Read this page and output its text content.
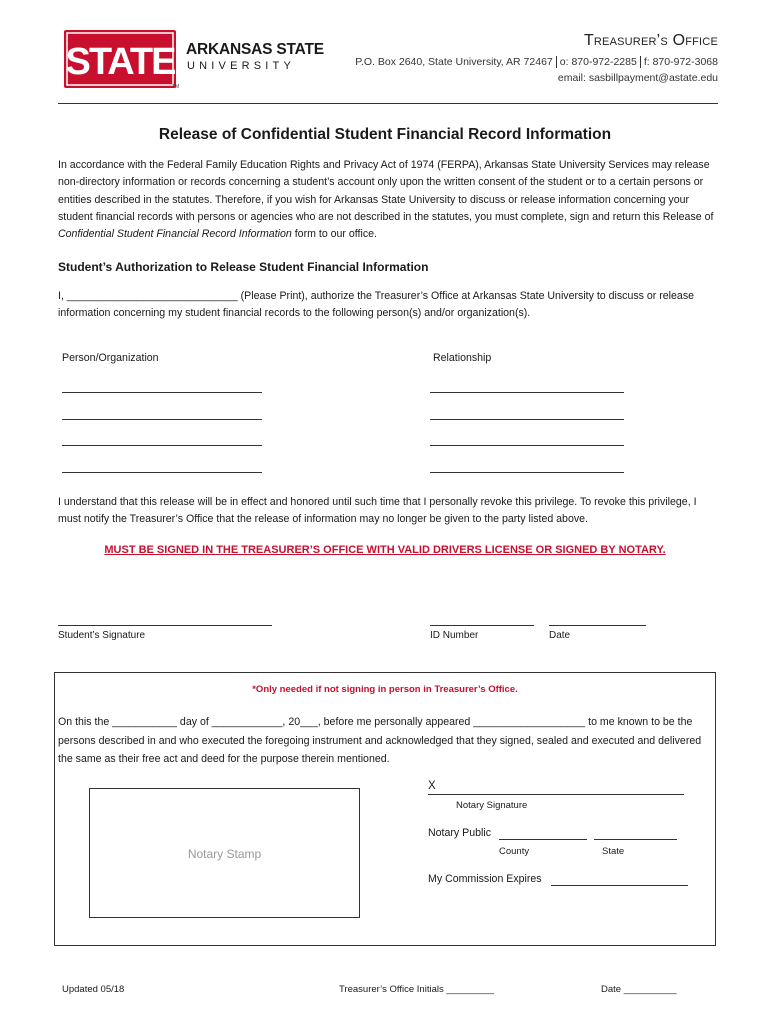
STATE ARKANSAS STATE
UNIVERSITY
TM
Treasurer’s Office
P.O. Box 2640, State University, AR 72467 o: 870-972-2285 f: 870-972-3068
email: sasbillpayment@astate.edu
Release of Confidential Student Financial Record Information

In accordance with the Federal Family Education Rights and Privacy Act of 1974 (FERPA), Arkansas State University Services may release non-directory information or records concerning a student’s account only upon the written consent of the student or to a certain persons or entities described in the statutes. Therefore, if you wish for Arkansas State University to discuss or release information concerning your student financial records with persons or agencies who are not described in the statutes, you must complete, sign and return this Release of Confidential Student Financial Record Information form to our office.

Student’s Authorization to Release Student Financial Information

I, _____________________________ (Please Print), authorize the Treasurer’s Office at Arkansas State University to discuss or release information concerning my student financial records to the following person(s) and/or organization(s).

Person/Organization	Relationship

I understand that this release will be in effect and honored until such time that I personally revoke this privilege. To revoke this privilege, I must notify the Treasurer’s Office that the release of information may no longer be given to the party listed above.

MUST BE SIGNED IN THE TREASURER’S OFFICE WITH VALID DRIVERS LICENSE OR SIGNED BY NOTARY.
Student’s Signature	ID Number	Date
*Only needed if not signing in person in Treasurer’s Office.

On this the ___________ day of ____________, 20___, before me personally appeared ___________________ to me known to be the persons described in and who executed the foregoing instrument and acknowledged that they signed, sealed and executed and delivered the same as their free act and deed for the purpose therein mentioned.

X
Notary Signature
Notary Public
County	State
My Commission Expires
Notary Stamp
Updated 05/18	Treasurer’s Office Initials _________	Date __________
